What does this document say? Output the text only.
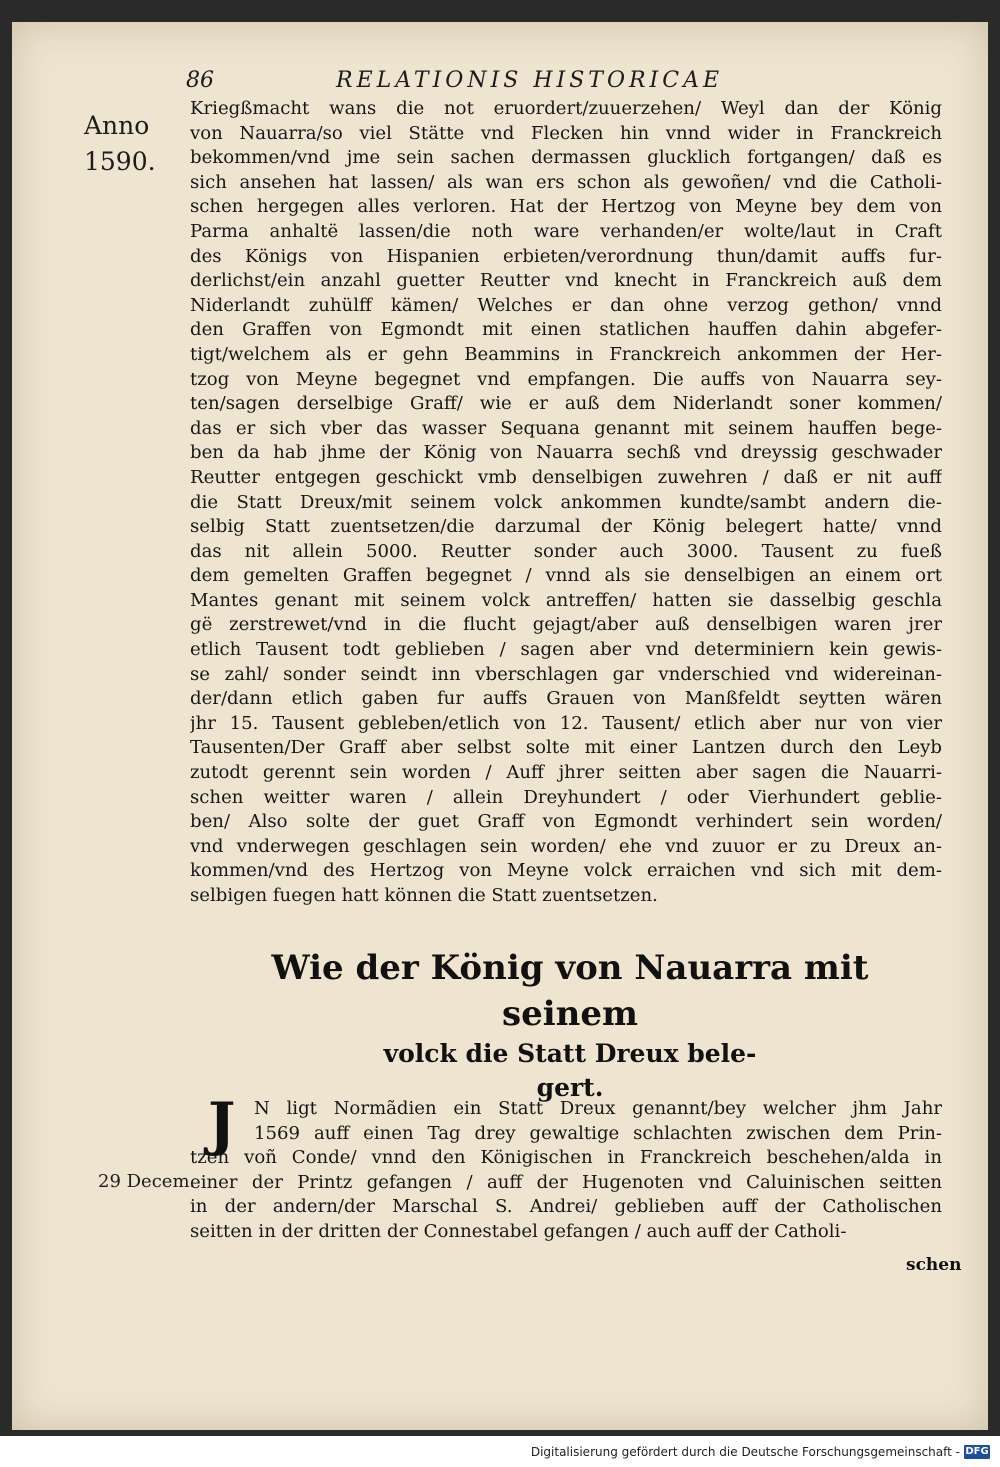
86	RELATIONIS HISTORICAE
Anno
1590.
Kriegßmacht wans die not eruordert/zuuerzehen/ Weyl dan der König
von Nauarra/so viel Stätte vnd Flecken hin vnnd wider in Franckreich
bekommen/vnd jme sein sachen dermassen glucklich fortgangen/ daß es
sich ansehen hat lassen/ als wan ers schon als gewoñen/ vnd die Catholi-
schen hergegen alles verloren. Hat der Hertzog von Meyne bey dem von
Parma anhaltë lassen/die noth ware verhanden/er wolte/laut in Craft
des Königs von Hispanien erbieten/verordnung thun/damit auffs fur-
derlichst/ein anzahl guetter Reutter vnd knecht in Franckreich auß dem
Niderlandt zuhülff kämen/ Welches er dan ohne verzog gethon/ vnnd
den Graffen von Egmondt mit einen statlichen hauffen dahin abgefer-
tigt/welchem als er gehn Beammins in Franckreich ankommen der Her-
tzog von Meyne begegnet vnd empfangen. Die auffs von Nauarra sey-
ten/sagen derselbige Graff/ wie er auß dem Niderlandt soner kommen/
das er sich vber das wasser Sequana genannt mit seinem hauffen bege-
ben da hab jhme der König von Nauarra sechß vnd dreyssig geschwader
Reutter entgegen geschickt vmb denselbigen zuwehren / daß er nit auff
die Statt Dreux/mit seinem volck ankommen kundte/sambt andern die-
selbig Statt zuentsetzen/die darzumal der König belegert hatte/ vnnd
das nit allein 5000. Reutter sonder auch 3000. Tausent zu fueß
dem gemelten Graffen begegnet / vnnd als sie denselbigen an einem ort
Mantes genant mit seinem volck antreffen/ hatten sie dasselbig geschla
gë zerstrewet/vnd in die flucht gejagt/aber auß denselbigen waren jrer
etlich Tausent todt geblieben / sagen aber vnd determiniern kein gewis-
se zahl/ sonder seindt inn vberschlagen gar vnderschied vnd widereinan-
der/dann etlich gaben fur auffs Grauen von Manßfeldt seytten wären
jhr 15. Tausent gebleben/etlich von 12. Tausent/ etlich aber nur von vier
Tausenten/Der Graff aber selbst solte mit einer Lantzen durch den Leyb
zutodt gerennt sein worden / Auff jhrer seitten aber sagen die Nauarri-
schen weitter waren / allein Dreyhundert / oder Vierhundert geblie-
ben/ Also solte der guet Graff von Egmondt verhindert sein worden/
vnd vnderwegen geschlagen sein worden/ ehe vnd zuuor er zu Dreux an-
kommen/vnd des Hertzog von Meyne volck erraichen vnd sich mit dem-
selbigen fuegen hatt können die Statt zuentsetzen.
Wie der König von Nauarra mit seinem
volck die Statt Dreux bele-
gert.
J	N ligt Normãdien ein Statt Dreux genannt/bey welcher jhm Jahr
1569 auff einen Tag drey gewaltige schlachten zwischen dem Prin-
tzen voñ Conde/ vnnd den Königischen in Franckreich beschehen/alda in
einer der Printz gefangen / auff der Hugenoten vnd Caluinischen seitten
in der andern/der Marschal S. Andrei/ geblieben auff der Catholischen
seitten in der dritten der Connestabel gefangen / auch auff der Catholi-
29 Decem.
schen
Digitalisierung gefördert durch die Deutsche Forschungsgemeinschaft - DFG
